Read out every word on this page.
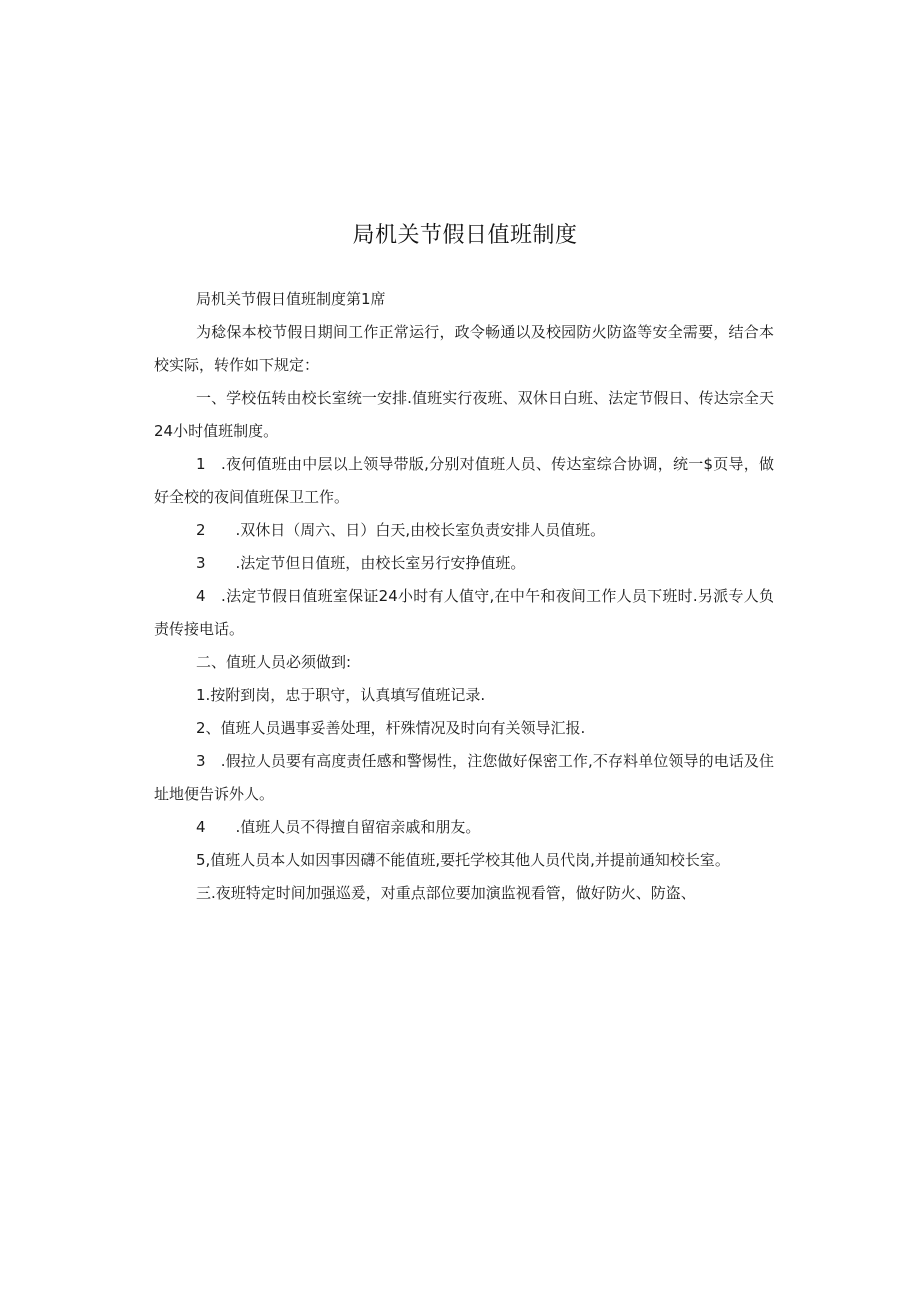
局机关节假日值班制度

局机关节假日值班制度第1席

为稔保本校节假日期间工作正常运行，政令畅通以及校园防火防盗等安全需要，结合本校实际，转作如下规定：

一、学校伍转由校长室统一安排.值班实行夜班、双休日白班、法定节假日、传达宗全天24小时值班制度。

1　.夜何值班由中层以上领导带版,分别对值班人员、传达室综合协调，统一$页导，做好全校的夜间值班保卫工作。

2　　.双休日（周六、日）白天,由校长室负责安排人员值班。

3　　.法定节但日值班，由校长室另行安挣值班。

4　.法定节假日值班室保证24小时有人值守,在中午和夜间工作人员下班时.另派专人负责传接电话。

二、值班人员必须做到:

1.按附到岗，忠于职守，认真填写值班记录.

2、值班人员遇事妥善处理，杆殊情况及时向有关领导汇报.

3　.假拉人员要有高度责任感和警惕性，注您做好保密工作,不存料单位领导的电话及住址地便告诉外人。

4　　.值班人员不得擅自留宿亲戚和朋友。

5,值班人员本人如因事因礴不能值班,要托学校其他人员代岗,并提前通知校长室。

三.夜班特定时间加强巡爰，对重点部位要加演监视看管，做好防火、防盗、
